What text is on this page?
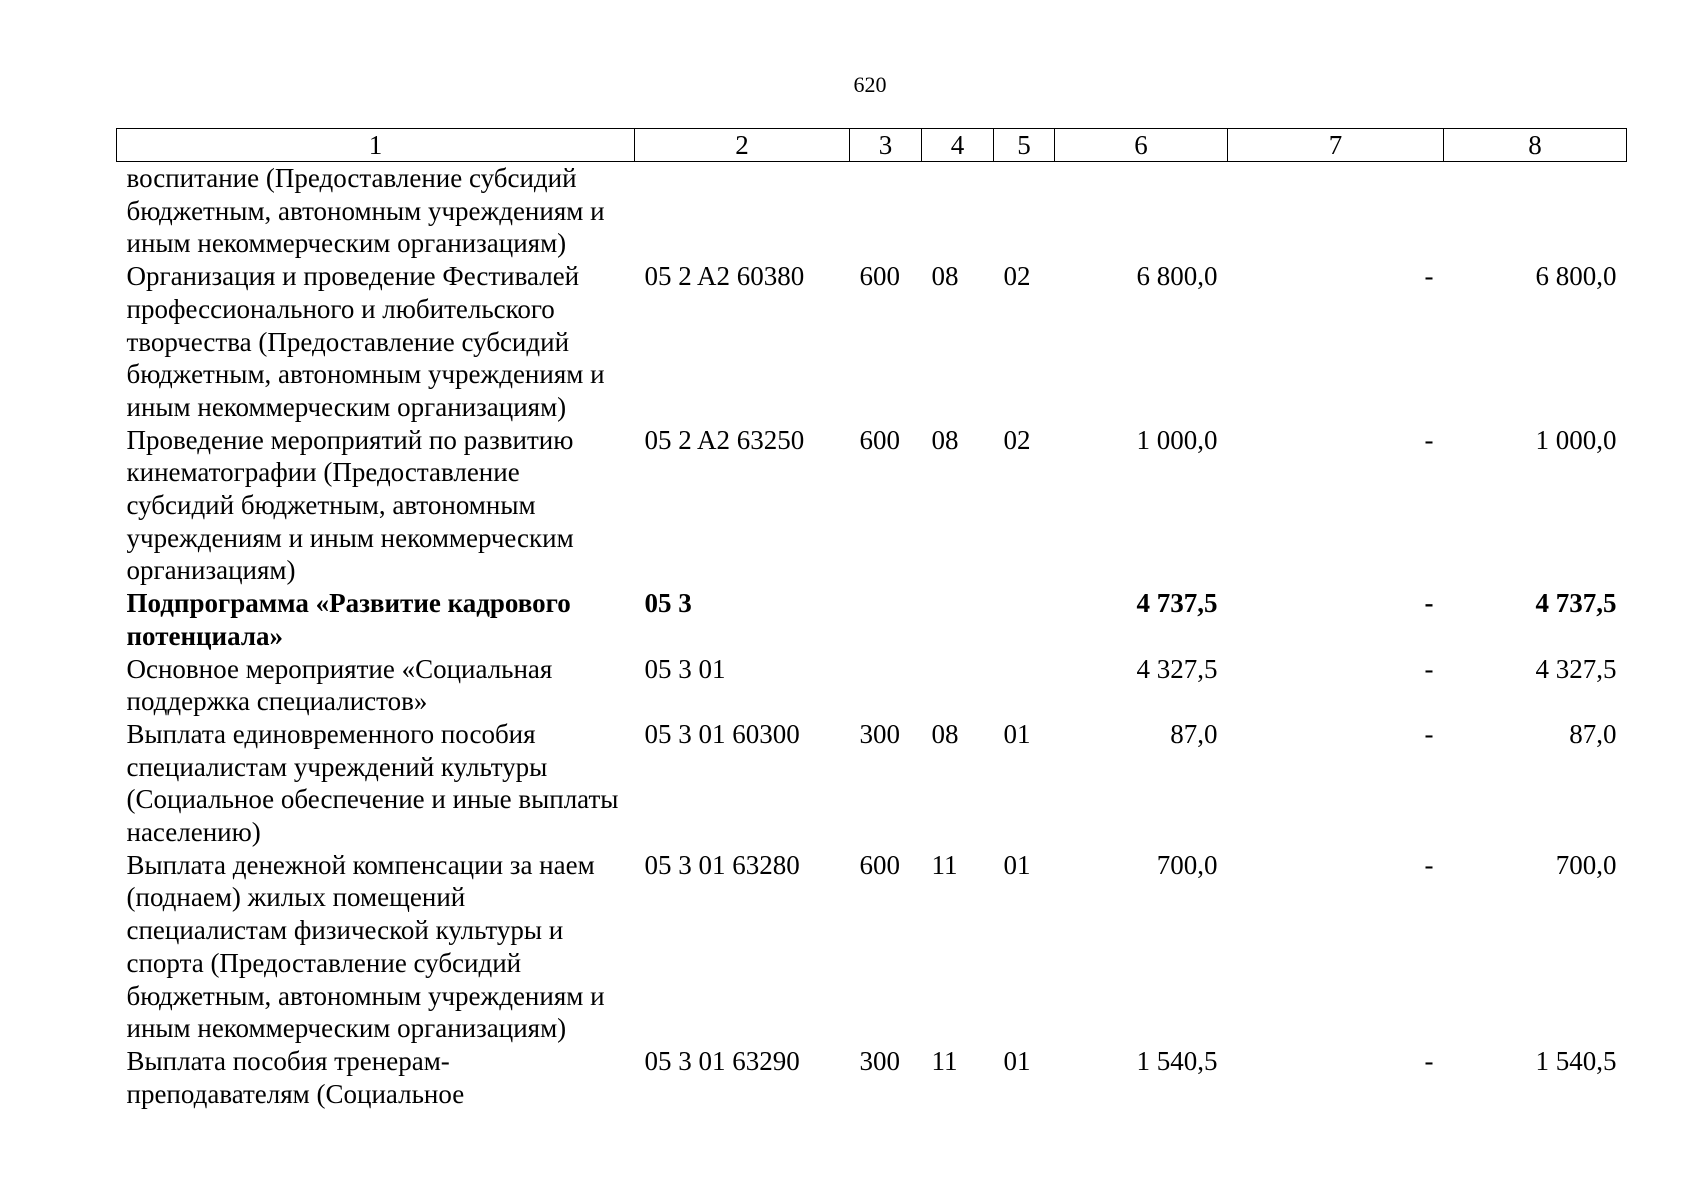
620
1	2	3	4	5	6	7	8
воспитание (Предоставление субсидий бюджетным, автономным учреждениям и иным некоммерческим организациям)							
Организация и проведение Фестивалей профессионального и любительского творчества (Предоставление субсидий бюджетным, автономным учреждениям и иным некоммерческим организациям)	05 2 A2 60380	600	08	02	6 800,0	-	6 800,0
Проведение мероприятий по развитию кинематографии (Предоставление субсидий бюджетным, автономным учреждениям и иным некоммерческим организациям)	05 2 A2 63250	600	08	02	1 000,0	-	1 000,0
Подпрограмма «Развитие кадрового потенциала»	05 3				4 737,5	-	4 737,5
Основное мероприятие «Социальная поддержка специалистов»	05 3 01				4 327,5	-	4 327,5
Выплата единовременного пособия специалистам учреждений культуры (Социальное обеспечение и иные выплаты населению)	05 3 01 60300	300	08	01	87,0	-	87,0
Выплата денежной компенсации за наем (поднаем) жилых помещений специалистам физической культуры и спорта (Предоставление субсидий бюджетным, автономным учреждениям и иным некоммерческим организациям)	05 3 01 63280	600	11	01	700,0	-	700,0
Выплата пособия тренерам-преподавателям (Социальное	05 3 01 63290	300	11	01	1 540,5	-	1 540,5
